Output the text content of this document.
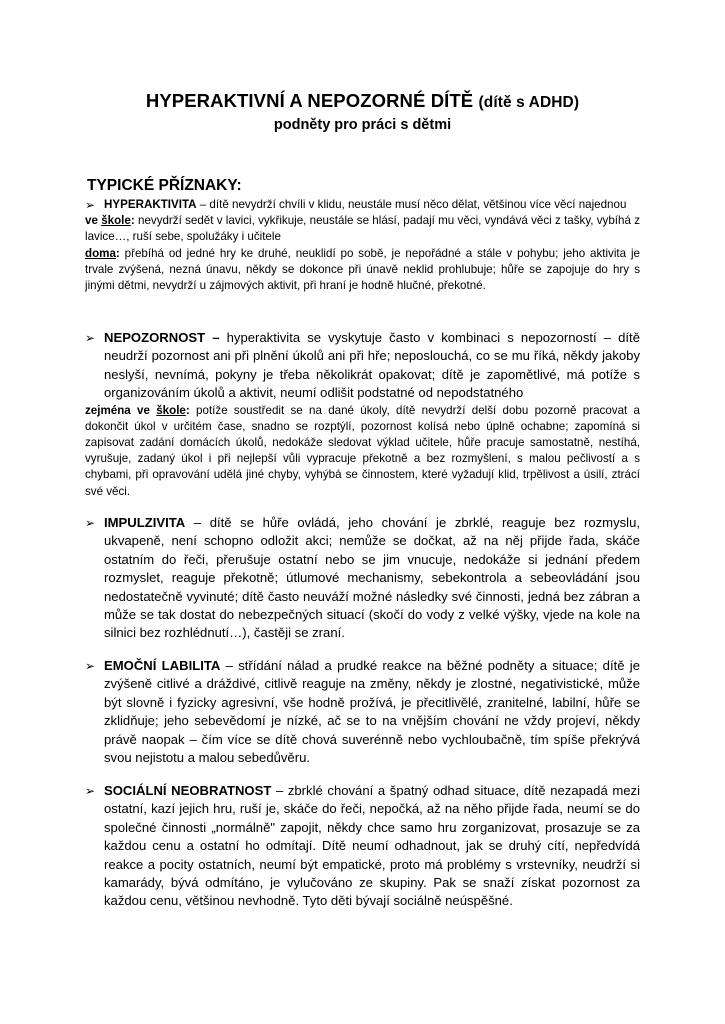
HYPERAKTIVNÍ A NEPOZORNÉ DÍTĚ (dítě s ADHD)
podněty pro práci s dětmi
TYPICKÉ PŘÍZNAKY:

➢ HYPERAKTIVITA – dítě nevydrží chvíli v klidu, neustále musí něco dělat, většinou více věcí najednou

ve škole: nevydrží sedět v lavici, vykřikuje, neustále se hlásí, padají mu věci, vyndává věci z tašky, vybíhá z lavice…, ruší sebe, spolužáky i učitele

doma: přebíhá od jedné hry ke druhé, neuklidí po sobě, je nepořádné a stále v pohybu; jeho aktivita je trvale zvýšená, nezná únavu, někdy se dokonce při únavě neklid prohlubuje; hůře se zapojuje do hry s jinými dětmi, nevydrží u zájmových aktivit, při hraní je hodně hlučné, překotné.

➢ NEPOZORNOST – hyperaktivita se vyskytuje často v kombinaci s nepozorností – dítě neudrží pozornost ani při plnění úkolů ani při hře; neposlouchá, co se mu říká, někdy jakoby neslyší, nevnímá, pokyny je třeba několikrát opakovat; dítě je zapomětlivé, má potíže s organizováním úkolů a aktivit, neumí odlišit podstatné od nepodstatného

zejména ve škole: potíže soustředit se na dané úkoly, dítě nevydrží delší dobu pozorně pracovat a dokončit úkol v určitém čase, snadno se rozptýlí, pozornost kolísá nebo úplně ochabne; zapomíná si zapisovat zadání domácích úkolů, nedokáže sledovat výklad učitele, hůře pracuje samostatně, nestíhá, vyrušuje, zadaný úkol i při nejlepší vůli vypracuje překotně a bez rozmyšlení, s malou pečlivostí a s chybami, při opravování udělá jiné chyby, vyhýbá se činnostem, které vyžadují klid, trpělivost a úsilí, ztrácí své věci.

➢ IMPULZIVITA – dítě se hůře ovládá, jeho chování je zbrklé, reaguje bez rozmyslu, ukvapeně, není schopno odložit akci; nemůže se dočkat, až na něj přijde řada, skáče ostatním do řeči, přerušuje ostatní nebo se jim vnucuje, nedokáže si jednání předem rozmyslet, reaguje překotně; útlumové mechanismy, sebekontrola a sebeovládání jsou nedostatečně vyvinuté; dítě často neuváží možné následky své činnosti, jedná bez zábran a může se tak dostat do nebezpečných situací (skočí do vody z velké výšky, vjede na kole na silnici bez rozhlédnutí…), častěji se zraní.

➢ EMOČNÍ LABILITA – střídání nálad a prudké reakce na běžné podněty a situace; dítě je zvýšeně citlivé a dráždivé, citlivě reaguje na změny, někdy je zlostné, negativistické, může být slovně i fyzicky agresivní, vše hodně prožívá, je přecitlivělé, zranitelné, labilní, hůře se zklidňuje; jeho sebevědomí je nízké, ač se to na vnějším chování ne vždy projeví, někdy právě naopak – čím více se dítě chová suverénně nebo vychloubačně, tím spíše překrývá svou nejistotu a malou sebedůvěru.

➢ SOCIÁLNÍ NEOBRATNOST – zbrklé chování a špatný odhad situace, dítě nezapadá mezi ostatní, kazí jejich hru, ruší je, skáče do řeči, nepočká, až na něho přijde řada, neumí se do společné činnosti „normálně" zapojit, někdy chce samo hru zorganizovat, prosazuje se za každou cenu a ostatní ho odmítají. Dítě neumí odhadnout, jak se druhý cítí, nepředvídá reakce a pocity ostatních, neumí být empatické, proto má problémy s vrstevníky, neudrží si kamarády, bývá odmítáno, je vylučováno ze skupiny. Pak se snaží získat pozornost za každou cenu, většinou nevhodně. Tyto děti bývají sociálně neúspěšné.
